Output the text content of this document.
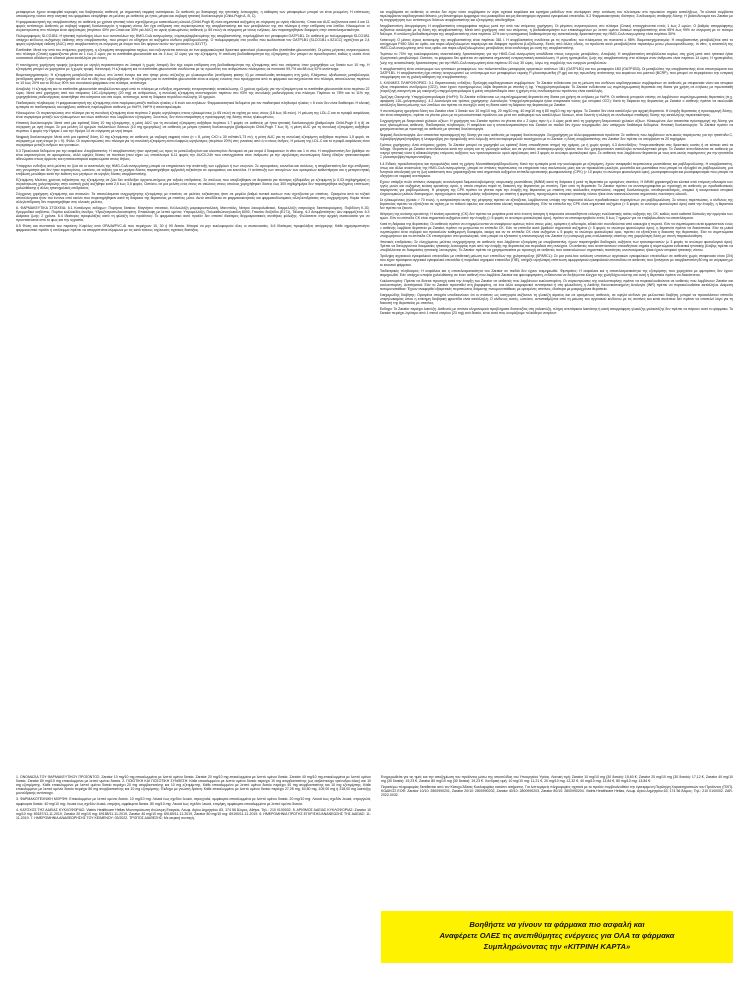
μεταφορέων έχουν αναφερθεί κορυφές και διαβητικούς ασθενείς με σημαντική νεφρική ανεπάρκεια. Σε ασθενείς με διαταραχή της ηπατικής λειτουργίας, η κάθαρση των μεταφορέων μπορεί να είναι μειωμένη. Η επίπτωση υποκείμενης νόσου στην κινητική του φαρμάκου εκτιμήθηκε σε μελέτες με ασθενείς με ήπια, μέτρια και σοβαρή ηπατική δυσλειτουργία (Child-Pugh A, B, C).

Η φαρμακοκινητική της ατορβαστατίνης σε ασθενείς με χρόνια ηπατική νόσο σχετιζόμενη με κατανάλωση αλκοόλ (Child-Pugh B) είναι σημαντικά αυξημένη σε σύγκριση με υγιείς εθελοντές. Cmax και AUC αυξάνονται κατά 4 και 11 φορές αντίστοιχα. Ασθενείς με σοβαρή νεφρική δυσλειτουργία: η νεφρική νόσος δεν έχει επίδραση στις συγκεντρώσεις της ατορβαστατίνης και των μεταβολιτών της στο πλάσμα ή στην επίδραση στα λιπίδια. Ηλικιωμένοι: οι συγκεντρώσεις στο πλάσμα είναι υψηλότερες (περίπου 40% για Cmax και 30% για AUC) σε υγιείς ηλικιωμένους ασθενείς (≥ 65 ετών) σε σύγκριση με νέους ενήλικες. Δεν παρατηρήθηκαν διαφορές στην αποτελεσματικότητα.

Πολυμορφισμός SLCO1B1: Η ηπατική πρόσληψη όλων των αναστολέων της HMG-CoA αναγωγάσης, συμπεριλαμβανομένης της ατορβαστατίνης, περιλαμβάνει τον μεταφορέα OATP1B1. Σε ασθενείς με πολυμορφισμό SLCO1B1 υπάρχει κίνδυνος αυξημένης έκθεσης στην ατορβαστατίνη, που μπορεί να οδηγήσει σε αυξημένο κίνδυνο ραβδομυόλυσης. Ο πολυμορφισμός στο γονίδιο που κωδικοποιεί τον OATP1B1 (SLCO1B1 c.521CC) σχετίζεται με 2,4 φορές υψηλότερη έκθεση (AUC) στην ατορβαστατίνη σε σύγκριση με άτομα που δεν φέρουν αυτόν τον γονότυπο (c.521TT).

Ezetimibe: Μετά την από του στόματος χορήγηση, η εζετιμίμπη απορροφάται ταχέως και συζευγνύεται εκτενώς σε ένα φαρμακολογικά δραστικό φαινολικό γλυκουρονίδιο (ezetimibe-glucuronide). Οι μέσες μέγιστες συγκεντρώσεις στο πλάσμα (Cmax) εμφανίζονται μέσα σε 1 έως 2 ώρες για το ezetimibe-glucuronide και σε 4 έως 12 ώρες για την εζετιμίμπη. Η απόλυτη βιοδιαθεσιμότητα της εζετιμίμπης δεν μπορεί να προσδιοριστεί, καθώς η ουσία είναι ουσιαστικά αδιάλυτη σε υδατικά μέσα κατάλληλα για ένεση.

Η ταυτόχρονη χορήγηση τροφής (γεύματα με υψηλή περιεκτικότητα σε λιπαρά ή χωρίς λιπαρά) δεν είχε καμία επίδραση στη βιοδιαθεσιμότητα της εζετιμίμπης από του στόματος όταν χορηγήθηκε ως δισκία των 10 mg. Η εζετιμίμπη μπορεί να χορηγείται με ή χωρίς τροφή. Κατανομή: Η εζετιμίμπη και το ezetimibe-glucuronide συνδέονται με τις πρωτεΐνες του ανθρώπινου πλάσματος σε ποσοστό 99,7% και 88 έως 92% αντίστοιχα.

Βιομετασχηματισμός: Η εζετιμίμπη μεταβολίζεται κυρίως στο λεπτό έντερο και στο ήπαρ μέσω σύζευξης με γλυκουρονίδιο (αντίδραση φάσης ΙΙ) με επακόλουθη απέκκριση στη χολή. Ελάχιστος οξειδωτικός μεταβολισμός (αντίδραση φάσης Ι) έχει παρατηρηθεί σε όλα τα είδη που αξιολογήθηκαν. Η εζετιμίμπη και το ezetimibe-glucuronide είναι οι κύριες ενώσεις που προέρχονται από το φάρμακο και ανιχνεύονται στο πλάσμα, αποτελώντας περίπου το 10 έως 20% και το 80 έως 90% του συνολικού φαρμάκου στο πλάσμα, αντίστοιχα.

Αποβολή: Η εζετιμίμπη και το ezetimibe-glucuronide αποβάλλονται αργά από το πλάσμα με ενδείξεις σημαντικής εντεροηπατικής ανακύκλωσης. Ο χρόνος ημιζωής για την εζετιμίμπη και το ezetimibe-glucuronide είναι περίπου 22 ώρες. Μετά από χορήγηση από του στόματος 14C-εζετιμίμπης (20 mg) σε ανθρώπους, η συνολική εζετιμίμπη αντιστοιχούσε περίπου στο 93% της συνολικής ραδιενέργειας στο πλάσμα. Περίπου το 78% και το 11% της χορηγηθείσας ραδιενέργειας ανακτήθηκε στα κόπρανα και στα ούρα, αντίστοιχα, κατά τη διάρκεια περιόδου συλλογής 10 ημερών.

Παιδιατρικός πληθυσμός: Η φαρμακοκινητική της εζετιμίμπης είναι παρόμοια μεταξύ παιδιών ηλικίας ≥ 6 ετών και ενηλίκων. Φαρμακοκινητικά δεδομένα για τον παιδιατρικό πληθυσμό ηλικίας < 6 ετών δεν είναι διαθέσιμα. Η κλινική εμπειρία σε παιδιατρικούς και εφήβους ασθενείς περιλαμβάνει ασθενείς με HoFH, HeFH ή σιτοστερολαιμία.

Ηλικιωμένοι: Οι συγκεντρώσεις στο πλάσμα για τη συνολική εζετιμίμπη είναι περίπου 2 φορές υψηλότερες στους ηλικιωμένους (≥ 65 ετών) σε σχέση με τους νέους (18 έως 45 ετών). Η μείωση της LDL-C και το προφίλ ασφάλειας είναι συγκρίσιμα μεταξύ των ηλικιωμένων και νέων ασθενών που λαμβάνουν εζετιμίμπη. Συνεπώς, δεν είναι απαραίτητη η προσαρμογή της δόσης στους ηλικιωμένους.

Ηπατική δυσλειτουργία: Μετά από μια εφάπαξ δόση 10 mg εζετιμίμπης, η μέση AUC για τη συνολική εζετιμίμπη αυξήθηκε περίπου 1,7 φορές σε ασθενείς με ήπια ηπατική δυσλειτουργία (βαθμολογία Child-Pugh 5 ή 6) σε σύγκριση με υγιή άτομα. Σε μια μελέτη 14 ημερών πολλαπλών δόσεων (10 mg ημερησίως) σε ασθενείς με μέτρια ηπατική δυσλειτουργία (βαθμολογία Child-Pugh 7 έως 9), η μέση AUC για τη συνολική εζετιμίμπη αυξήθηκε περίπου 4 φορές την Ημέρα 1 και την Ημέρα 14 σε σύγκριση με υγιή άτομα.

Νεφρική δυσλειτουργία: Μετά από μια εφάπαξ δόση 10 mg εζετιμίμπης σε ασθενείς με σοβαρή νεφρική νόσο (n = 8, μέση CrCl ≤ 30 ml/min/1,73 m²), η μέση AUC για τη συνολική εζετιμίμπη αυξήθηκε περίπου 1,5 φορά, σε σύγκριση με υγιή άτομα (n = 9). Φύλο: Οι συγκεντρώσεις στο πλάσμα για τη συνολική εζετιμίμπη είναι ελαφρώς υψηλότερες (περίπου 20%) στις γυναίκες από ό,τι στους άνδρες. Η μείωση της LDL-C και το προφίλ ασφάλειας είναι συγκρίσιμα μεταξύ ανδρών και γυναικών.

5.3 Προκλινικά δεδομένα για την ασφάλεια: Ατορβαστατίνη: Η ατορβαστατίνη ήταν αρνητική ως προς το μεταλλαξιογόνο και κλαστογόνο δυναμικό σε μια σειρά 4 δοκιμασιών in vitro και 1 in vivo. Η ατορβαστατίνη δεν βρέθηκε να είναι καρκινογόνος σε αρουραίους, αλλά υψηλές δόσεις σε ποντίκια (που είχαν ως αποτέλεσμα 6-11 φορές την AUC0-24h που επιτυγχάνεται στον άνθρωπο με την υψηλότερη συνιστώμενη δόση) έδειξαν ηπατοκυτταρικά αδενώματα στους άρρενες και ηπατοκυτταρικά καρκινώματα στους θήλεις.

Υπάρχουν ενδείξεις από μελέτες σε ζώα ότι οι αναστολείς της HMG-CoA αναγωγάσης μπορεί να επηρεάσουν την ανάπτυξη των εμβρύων ή των νεογνών. Σε αρουραίους, κουνέλια και σκύλους, η ατορβαστατίνη δεν είχε επίδραση στη γονιμότητα και δεν ήταν τερατογόνος, ωστόσο, σε τοξικές για τη μητέρα δόσεις παρατηρήθηκε εμβρυϊκή τοξικότητα σε αρουραίους και κουνέλια. Η ανάπτυξη των απογόνων των αρουραίων καθυστέρησε και η μεταγεννητική επιβίωση μειώθηκε κατά την έκθεση των μητέρων σε υψηλές δόσεις ατορβαστατίνης.

Εζετιμίμπη: Μελέτες χρόνιας τοξικότητας της εζετιμίμπης σε ζώα δεν ανέδειξαν όργανα-στόχους για τοξικές επιδράσεις. Σε σκύλους που υποβλήθηκαν σε θεραπεία για τέσσερις εβδομάδες με εζετιμίμπη (≥ 0,03 mg/kg/ημέρα) η συγκέντρωση χοληστερόλης στην κυστική χολή αυξήθηκε κατά 2,5 έως 3,5 φορές. Ωστόσο, σε μια μελέτη ενός έτους σε σκύλους στους οποίους χορηγήθηκαν δόσεις έως 300 mg/kg/ημέρα δεν παρατηρήθηκε αυξημένη επίπτωση χολολιθίασης ή άλλες ηπατοχολικές επιδράσεις.

Σύγχρονη χορήγηση εζετιμίμπης και στατινών: Τα αποτελέσματα συγχορήγησης εζετιμίμπης με στατίνες σε μελέτες τοξικότητας ήταν σε μεγάλο βαθμό τυπικά εκείνων που σχετίζονται με στατίνες. Ορισμένα από τα τοξικά αποτελέσματα ήταν πιο έντονα από εκείνα που παρατηρήθηκαν κατά τη διάρκεια της θεραπείας με στατίνες μόνο. Αυτό αποδίδεται σε φαρμακοκινητικές και φαρμακοδυναμικές αλληλεπιδράσεις στη συγχορήγηση. Καμία τέτοια αλληλεπίδραση δεν παρατηρήθηκε στις κλινικές μελέτες.

6. ΦΑΡΜΑΚΕΥΤΙΚΑ ΣΤΟΙΧΕΙΑ: 6.1 Κατάλογος εκδόχων: Πυρήνας δισκίου: Μαγνήσιο στεατικό, Κελλουλόζη μικροκρυσταλλική, Μαννιτόλη, Νάτριο λαουρυλοθειικό, Καρμελλόζη νατριούχος διασταυρούμενη, Ποβιδόνη Κ-30, Κρεμμυδικό ασβέστιο, Πυρίτιο κολλοειδές άνυδρο, Υδροξυπροπυλοκυτταρίνη. Επικάλυψη με λεπτό υμένιο: Υπρομελλόζη, Πολυαιθυλενογλυκόλη 8000, Τιτανίου διοξείδιο (E171), Τάλκης. 6.2 Ασυμβατότητες: Δεν εφαρμόζεται. 6.3 Διάρκεια ζωής: 2 χρόνια. 6.4 Ιδιαίτερες προφυλάξεις κατά τη φύλαξη του προϊόντος: Το φαρμακευτικό αυτό προϊόν δεν απαιτεί ιδιαίτερες θερμοκρασιακές συνθήκες φύλαξης. Φυλάσσετε στην αρχική συσκευασία για να προστατεύεται από το φως και την υγρασία.

6.5 Φύση και συστατικά του περιέκτη: Κυψέλες από OPA/Al/PVC-Al που περιέχουν 10, 30 ή 90 δισκία. Μπορεί να μην κυκλοφορούν όλες οι συσκευασίες. 6.6 Ιδιαίτερες προφυλάξεις απόρριψης: Κάθε αχρησιμοποίητο φαρμακευτικό προϊόν ή υπόλειμμα πρέπει να απορρίπτεται σύμφωνα με τις κατά τόπους ισχύουσες σχετικές διατάξεις.

και συμβάματα σε ασθενείς οι οποίοι δεν είχαν νόσο συμβάματα εν όψει σχετικά κεφάλαια και κριτήρια μεθόδων που συνέφεραν στην ανάλυση του πλεύσιμου στο πρωτεύον σημείο καταλήξεως. Τα κλινικά συμβάντα περιλάμβαναν καρδιαγγειακό θάνατο, μη θανατηφόρο έμφραγμα του μυοκαρδίου και μη θανατηφόρο αγγειακό εγκεφαλικό επεισόδιο. 5.2 Φαρμακοκινητικές ιδιότητες: Συνδυασμός σταθερής δόσης: Η βιοϊσοδυναμία του Zarator με τη συγχορήγηση των αντίστοιχων δόσεων ατορβαστατίνης και εζετιμίμπης αποδείχθηκε.

Ατορβαστατίνη: Απορρόφηση: Η ατορβαστατίνη απορροφάται ταχέως μετά την από του στόματος χορήγηση. Οι μέγιστες συγκεντρώσεις στο πλάσμα (Cmax) επιτυγχάνονται εντός 1 έως 2 ωρών. Ο βαθμός απορρόφησης αυξάνεται αναλογικά με τη δόση της ατορβαστατίνης. Μετά από χορήγηση από του στόματος, η βιοδιαθεσιμότητα των επικαλυμμένων με λεπτό υμένιο δισκίων ατορβαστατίνης είναι 95% έως 99% σε σύγκριση με το πόσιμο διάλυμα. Η απόλυτη βιοδιαθεσιμότητα της ατορβαστατίνης είναι περίπου 12% και η συστηματική διαθεσιμότητα της ανασταλτικής δραστικότητας της HMG-CoA αναγωγάσης είναι περίπου 30%.

Κατανομή: Ο μέσος όγκος κατανομής της ατορβαστατίνης είναι περίπου 381 l. Η ατορβαστατίνη συνδέεται με τις πρωτεΐνες του πλάσματος σε ποσοστό ≥ 98%. Βιομετασχηματισμός: Η ατορβαστατίνη μεταβολίζεται από το κυτόχρωμα P450 3A4 σε ορθο- και παρα-υδροξυλιωμένα παράγωγα και διάφορα προϊόντα β-οξείδωσης. Εκτός από άλλες οδούς, τα προϊόντα αυτά μεταβολίζονται περαιτέρω μέσω γλυκουρονιδίωσης. In vitro, η αναστολή της HMG-CoA αναγωγάσης από τους ορθο- και παρα-υδροξυλιωμένους μεταβολίτες είναι ισοδύναμη με αυτή της ατορβαστατίνης.

Περίπου το 70% της κυκλοφορούσας ανασταλτικής δραστικότητας για την HMG-CoA αναγωγάση αποδίδεται στους ενεργούς μεταβολίτες. Αποβολή: Η ατορβαστατίνη αποβάλλεται κυρίως στη χολή μετά από ηπατικό ή/και εξωηπατικό μεταβολισμό. Ωστόσο, το φάρμακο δεν φαίνεται να υφίσταται σημαντική εντεροηπατική ανακύκλωση. Η μέση ημιπερίοδος ζωής της ατορβαστατίνης στο πλάσμα στον άνθρωπο είναι περίπου 14 ώρες. Η ημιπερίοδος ζωής της ανασταλτικής δραστικότητας για την HMG-CoA αναγωγάση είναι περίπου 20 έως 30 ώρες, λόγω της συμβολής των ενεργών μεταβολιτών.

Η ατορβαστατίνη είναι υπόστρωμα των ηπατικών μεταφορέων, του πολυπεπτιδίου μεταφοράς οργανικών ανιόντων 1B1 (OATP1B1) και του μεταφορέα 1B3 (OATP1B3). Οι μεταβολίτες της ατορβαστατίνης είναι υποστρώματα του OATP1B1. Η ατορβαστατίνη έχει επίσης αναγνωριστεί ως υπόστρωμα των μεταφορέων εκροής P-γλυκοπρωτεΐνη (P-gp) και της πρωτεΐνης αντίστασης του καρκίνου του μαστού (BCRP), που μπορεί να περιορίσουν την εντερική απορρόφηση και τη χολική κάθαρση της ατορβαστατίνης.

3. ΚΛΙΝΙΚΕΣ ΠΛΗΡΟΦΟΡΙΕΣ: 3.1 Θεραπευτικές ενδείξεις: Πρόληψη καρδιαγγειακών συμβαμάτων: Το Zarator ενδείκνυται για τη μείωση του κινδύνου καρδιαγγειακών συμβαμάτων σε ασθενείς με στεφανιαία νόσο και ιστορικό οξέος στεφανιαίου συνδρόμου (ΟΣΣ), όταν έχουν προηγουμένως λάβει θεραπεία με στατίνη ή όχι. Υπερχοληστερολαιμία: Το Zarator ενδείκνυται ως συμπληρωματική θεραπεία στη δίαιτα για χρήση σε ενήλικες με πρωτοπαθή (ετερόζυγη οικογενή και μη οικογενή) υπερχοληστερολαιμία ή μικτή υπερλιπιδαιμία όταν η χρήση ενός συνδυασμένου προϊόντος είναι κατάλληλη.

Ομόζυγη Οικογενής Υπερχοληστερολαιμία (HoFH): Το Zarator ενδείκνυται ως συμπληρωματική θεραπεία στη δίαιτα για χρήση σε ενήλικες με HoFH. Οι ασθενείς μπορούν επίσης να λαμβάνουν συμπληρωματικές θεραπείες (π.χ. αφαίρεση LDL-χοληστερόλης). 4.2 Δοσολογία και τρόπος χορήγησης: Δοσολογία: Υπερχοληστερολαιμία ή/και στεφανιαία νόσος (με ιστορικό ΟΣΣ): Κατά τη διάρκεια της θεραπείας με Zarator ο ασθενής πρέπει να ακολουθεί κατάλληλη δίαιτα μείωσης των λιπιδίων και πρέπει να συνεχίζει αυτή τη δίαιτα κατά τη διάρκεια της θεραπείας με Zarator.

Η συνιστώμενη ημερήσια δόση του Zarator είναι 1 δισκίο των 10 mg/10 mg, 20 mg/10 mg, 40 mg/10 mg ή 80 mg/10 mg την ημέρα. Το Zarator δεν είναι κατάλληλο για αρχική θεραπεία. Η έναρξη θεραπείας ή προσαρμογή δόσης, εάν είναι απαραίτητο, πρέπει να γίνεται μόνο με τα μονοσυστατικά προϊόντα, και μετά τον καθορισμό των κατάλληλων δόσεων, είναι δυνατή η αλλαγή σε συνδυασμό σταθερής δόσης της κατάλληλης περιεκτικότητας.

Συγχορήγηση με δεσμευτικά χολικών οξέων: Η χορήγηση του Zarator πρέπει να γίνεται είτε ≥ 2 ώρες πριν ή ≥ 4 ώρες μετά από τη χορήγηση δεσμευτικού χολικών οξέων. Ηλικιωμένοι: Δεν απαιτείται προσαρμογή της δόσης για τους ηλικιωμένους ασθενείς. Παιδιατρικός πληθυσμός: Η ασφάλεια και η αποτελεσματικότητα του Zarator σε παιδιά δεν έχουν τεκμηριωθεί. Δεν υπάρχουν διαθέσιμα δεδομένα. Ηπατική δυσλειτουργία: Το Zarator πρέπει να χρησιμοποιείται με προσοχή σε ασθενείς με ηπατική δυσλειτουργία.

Νεφρική δυσλειτουργία: Δεν απαιτείται προσαρμογή της δόσης για τους ασθενείς με νεφρική δυσλειτουργία. Συγχορήγηση με άλλα φαρμακευτικά προϊόντα: Σε ασθενείς που λαμβάνουν αντι-ιικούς παράγοντες για την ηπατίτιδα C, ελβασβίρη/γκραζοπρεβίρη ή λετερμοβίρη για προφύλαξη από λοίμωξη από κυτταρομεγαλοϊό ταυτόχρονα με το Zarator, η δόση ατορβαστατίνης στο Zarator δεν πρέπει να υπερβαίνει τα 20 mg/ημέρα.

Τρόπος χορήγησης: Από στόματος χρήση. Το Zarator μπορεί να χορηγηθεί ως εφάπαξ δόση οποιαδήποτε στιγμή της ημέρας, με ή χωρίς τροφή. 4.3 Αντενδείξεις: Υπερευαισθησία στις δραστικές ουσίες ή σε κάποιο από τα έκδοχα. Θεραπεία με Zarator αντενδείκνυται κατά την κύηση και τη γαλουχία καθώς και σε γυναίκες αναπαραγωγικής ηλικίας που δεν χρησιμοποιούν κατάλληλα αντισυλληπτικά μέτρα. Το Zarator αντενδείκνυται σε ασθενείς με ενεργό ηπατική νόσο ή αδικαιολόγητες επίμονες αυξήσεις των τρανσαμινασών ορού υψηλότερες από 3 φορές το ανώτερο φυσιολογικό όριο. Σε ασθενείς που λαμβάνουν θεραπεία με τους αντι-ιικούς παράγοντες για την ηπατίτιδα C γλεκαπρεβίρη/πιμπρεντασβίρη.

4.4 Ειδικές προειδοποιήσεις και προφυλάξεις κατά τη χρήση: Μυοπάθεια/ραβδομυόλυση: Κατά την εμπειρία μετά την κυκλοφορία με εζετιμίμπη, έχουν αναφερθεί περιπτώσεις μυοπάθειας και ραβδομυόλυσης. Η ατορβαστατίνη, όπως και άλλοι αναστολείς της HMG-CoA αναγωγάσης, μπορεί σε σπάνιες περιπτώσεις να επηρεάσει τους σκελετικούς μύες και να προκαλέσει μυαλγία, μυοσίτιδα και μυοπάθεια που μπορεί να εξελιχθεί σε ραβδομυόλυση, μια δυνητικά απειλητική για τη ζωή κατάσταση που χαρακτηρίζεται από σημαντικά αυξημένα επίπεδα κρεατινικής φωσφοκινάσης (CPK) (> 10 φορές το ανώτερο φυσιολογικό όριο), μυοσφαιρινουρία και μυοσφαιριναιμία που μπορεί να οδηγήσει σε νεφρική ανεπάρκεια.

Έχουν υπάρξει πολύ σπάνιες αναφορές ανοσολογικά διαμεσολαβούμενης νεκρωτικής μυοπάθειας (IMNM) κατά τη διάρκεια ή μετά τη θεραπεία με ορισμένες στατίνες. Η IMNM χαρακτηρίζεται κλινικά από επίμονη αδυναμία των εγγύς μυών και αυξημένη κινάση κρεατίνης ορού, η οποία επιμένει παρά τη διακοπή της θεραπείας με στατίνη. Πριν από τη θεραπεία: Το Zarator πρέπει να συνταγογραφείται με προσοχή σε ασθενείς με προδιαθεσικούς παράγοντες για ραβδομυόλυση. Η μέτρηση της CPK πρέπει να γίνεται πριν την έναρξη της θεραπείας με στατίνη στις ακόλουθες περιπτώσεις: νεφρική δυσλειτουργία, υποθυρεοειδισμός, ατομικό ή οικογενειακό ιστορικό κληρονομικών μυϊκών διαταραχών, προηγούμενο ιστορικό μυϊκής τοξικότητας με στατίνη ή φιμπράτη, προηγούμενο ιστορικό ηπατικής νόσου ή/και όταν καταναλώνονται σημαντικές ποσότητες αλκοόλ.

Σε ηλικιωμένους (ηλικία > 70 ετών), η αναγκαιότητα αυτής της μέτρησης πρέπει να εξετάζεται, λαμβάνοντας υπόψη την παρουσία άλλων προδιαθεσικών παραγόντων για ραβδομυόλυση. Σε τέτοιες περιπτώσεις, ο κίνδυνος της θεραπείας πρέπει να εξετάζεται σε σχέση με το πιθανό όφελος και συνιστάται κλινική παρακολούθηση. Εάν τα επίπεδα της CPK είναι σημαντικά αυξημένα (> 5 φορές το ανώτερο φυσιολογικό όριο) κατά την έναρξη, η θεραπεία δεν πρέπει να ξεκινά.

Μέτρηση της κινάσης κρεατίνης: Η κινάση κρεατίνης (CK) δεν πρέπει να μετράται μετά από έντονη άσκηση ή παρουσία οποιασδήποτε εύλογης εναλλακτικής αιτίας αύξησης της CK, καθώς αυτό καθιστά δύσκολη την ερμηνεία των τιμών. Εάν τα επίπεδα CK είναι σημαντικά αυξημένα κατά την έναρξη (> 5 φορές το ανώτερο φυσιολογικό όριο), πρέπει να επαναμετρηθούν εντός 5 έως 7 ημερών για να επιβεβαιωθούν τα αποτελέσματα.

Κατά τη διάρκεια της θεραπείας: Οι ασθενείς πρέπει να ενημερώνονται να αναφέρουν αμέσως πόνο στους μύες, κράμπες ή αδυναμία, ειδικά εάν συνοδεύονται από κακουχία ή πυρετό. Εάν τα συμπτώματα αυτά εμφανιστούν ενώς ο ασθενής λαμβάνει θεραπεία με Zarator, πρέπει να μετρώνται τα επίπεδα CK. Εάν τα επίπεδα αυτά βρεθούν σημαντικά αυξημένα (> 5 φορές το ανώτερο φυσιολογικό όριο), η θεραπεία πρέπει να διακόπτεται. Εάν τα μυϊκά συμπτώματα είναι σοβαρά και προκαλούν καθημερινή δυσφορία, ακόμη και αν τα επίπεδα CK είναι αυξημένα ≤ 5 φορές το ανώτερο φυσιολογικό όριο, πρέπει να εξετάζεται η διακοπή της θεραπείας. Εάν τα συμπτώματα υποχωρήσουν και τα επίπεδα CK επιστρέψουν στα φυσιολογικά, τότε μπορεί να εξεταστεί η επανεισαγωγή του Zarator ή η εισαγωγή μιας εναλλακτικής στατίνης στη χαμηλότερη δόση με στενή παρακολούθηση.

Ηπατικές επιδράσεις: Σε ελεγχόμενες μελέτες συγχορήγησης σε ασθενείς που λάμβαναν εζετιμίμπη με ατορβαστατίνη, έχουν παρατηρηθεί διαδοχικές αυξήσεις των τρανσαμινασών (≥ 3 φορές το ανώτερο φυσιολογικό όριο). Πρέπει να διενεργούνται δοκιμασίες ηπατικής λειτουργίας πριν από την έναρξη της θεραπείας και περιοδικά στη συνέχεια. Οι ασθενείς που αναπτύσσουν οποιαδήποτε σημεία ή συμπτώματα ενδεικτικά ηπατικής βλάβης πρέπει να υποβάλλονται σε δοκιμασίες ηπατικής λειτουργίας. Το Zarator πρέπει να χρησιμοποιείται με προσοχή σε ασθενείς που καταναλώνουν σημαντικές ποσότητες οινοπνεύματος ή/και έχουν ιστορικό ηπατικής νόσου.

Πρόληψη αγγειακού εγκεφαλικού επεισοδίου με επιθετική μείωση των επιπέδων της χοληστερόλης (SPARCL): Σε μια post-hoc ανάλυση υποτύπων αγγειακών εγκεφαλικών επεισοδίων σε ασθενείς χωρίς στεφανιαία νόσο (ΣΝ) που είχαν πρόσφατο αγγειακό εγκεφαλικό επεισόδιο ή παροδικό ισχαιμικό επεισόδιο (ΠΙΕ), υπήρξε υψηλότερη επίπτωση αιμορραγικού εγκεφαλικού επεισοδίου σε ασθενείς που ξεκίνησαν με ατορβαστατίνη 80 mg σε σύγκριση με το εικονικό φάρμακο.

Παιδιατρικός πληθυσμός: Η ασφάλεια και η αποτελεσματικότητα του Zarator σε παιδιά δεν έχουν τεκμηριωθεί. Φιμπράτες: Η ασφάλεια και η αποτελεσματικότητα της εζετιμίμπης που χορηγείται με φιμπράτες δεν έχουν τεκμηριωθεί. Εάν υπάρχει υποψία χολολιθίασης σε έναν ασθενή που λαμβάνει Zarator και φαινοφιμπράτη, ενδείκνυται να διεξάγονται έλεγχοι της χοληδόχου κύστης και αυτή η θεραπεία πρέπει να διακόπτεται.

Κυκλοσπορίνη: Πρέπει να δίνεται προσοχή κατά την έναρξη του Zarator σε ασθενείς που λαμβάνουν κυκλοσπορίνη. Οι συγκεντρώσεις της κυκλοσπορίνης πρέπει να παρακολουθούνται σε ασθενείς που λαμβάνουν Zarator και κυκλοσπορίνη. Αντιπηκτικά: Εάν το Zarator προστεθεί στη βαρφαρίνη, σε ένα άλλο κουμαρινικό αντιπηκτικό ή στη φλουιδιόνη, η Διεθνής Κανονικοποιημένη Αναλογία (INR) πρέπει να παρακολουθείται κατάλληλα. Διάμεση πνευμονοπάθεια: Έχουν αναφερθεί εξαιρετικές περιπτώσεις διάμεσης πνευμονοπάθειας με ορισμένες στατίνες, ιδιαίτερα με μακροχρόνια θεραπεία.

Σακχαρώδης διαβήτης: Ορισμένα στοιχεία υποδεικνύουν ότι οι στατίνες ως κατηγορία αυξάνουν τη γλυκόζη αίματος και σε ορισμένους ασθενείς, σε υψηλό κίνδυνο για μελλοντικό διαβήτη, μπορεί να προκαλέσουν επίπεδο υπεργλυκαιμίας όπου η επίσημη διαβητική φροντίδα είναι κατάλληλη. Ο κίνδυνος αυτός, ωστόσο, αντισταθμίζεται από τη μείωση του αγγειακού κινδύνου με τις στατίνες και κατά συνέπεια δεν πρέπει να αποτελεί λόγο για τη διακοπή της θεραπείας με στατίνες.

Έκδοχα: Το Zarator περιέχει λακτόζη. Ασθενείς με σπάνια κληρονομικά προβλήματα δυσανεξίας στη γαλακτόζη, πλήρη ανεπάρκεια λακτάσης ή κακή απορρόφηση γλυκόζης-γαλακτόζης δεν πρέπει να πάρουν αυτό το φάρμακο. Το Zarator περιέχει λιγότερο από 1 mmol νατρίου (23 mg) ανά δισκίο, είναι αυτό που ονομάζουμε «ελεύθερο νατρίου».

1. ΟΝΟΜΑΣΙΑ ΤΟΥ ΦΑΡΜΑΚΕΥΤΙΚΟΥ ΠΡΟΪΟΝΤΟΣ: Zarator 10 mg/10 mg επικαλυμμένα με λεπτό υμένιο δισκία. Zarator 20 mg/10 mg επικαλυμμένα με λεπτό υμένιο δισκία. Zarator 40 mg/10 mg επικαλυμμένα με λεπτό υμένιο δισκία. Zarator 80 mg/10 mg επικαλυμμένα με λεπτό υμένιο δισκία. 2. ΠΟΙΟΤΙΚΗ ΚΑΙ ΠΟΣΟΤΙΚΗ ΣΥΝΘΕΣΗ: Κάθε επικαλυμμένο με λεπτό υμένιο δισκίο περιέχει 10 mg ατορβαστατίνης (ως ασβεστιούχο τριένυδρο άλας) και 10 mg εζετιμίμπης. Κάθε επικαλυμμένο με λεπτό υμένιο δισκίο περιέχει 20 mg ατορβαστατίνης και 10 mg εζετιμίμπης. Κάθε επικαλυμμένο με λεπτό υμένιο δισκίο περιέχει 40 mg ατορβαστατίνης και 10 mg εζετιμίμπης. Κάθε επικαλυμμένο με λεπτό υμένιο δισκίο περιέχει 80 mg ατορβαστατίνης και 10 mg εζετιμίμπης. Έκδοχο με γνωστή δράση: Κάθε επικαλυμμένο με λεπτό υμένιο δισκίο περιέχει 27,25 mg, 54,50 mg, 109,00 mg ή 218,00 mg λακτόζης μονοϋδρικής αντίστοιχα.

3. ΦΑΡΜΑΚΟΤΕΧΝΙΚΗ ΜΟΡΦΗ: Επικαλυμμένο με λεπτό υμένιο δισκίο. 10 mg/10 mg: Λευκά έως σχεδόν λευκά, στρογγυλά, αμφίκυρτα επικαλυμμένα με λεπτό υμένιο δισκία. 20 mg/10 mg: Λευκά έως σχεδόν λευκά, στρογγυλά, αμφίκυρτα δισκία. 40 mg/10 mg: Λευκά έως σχεδόν λευκά, επιμήκη, αμφίκυρτα δισκία. 80 mg/10 mg: Λευκά έως σχεδόν λευκά, επιμήκη, αμφίκυρτα επικαλυμμένα με λεπτό υμένιο δισκία.

4. ΚΑΤΟΧΟΣ ΤΗΣ ΑΔΕΙΑΣ ΚΥΚΛΟΦΟΡΙΑΣ: Viatris Healthcare Hellas Μονοπρόσωπη Ανώνυμη Εταιρεία, Λεωφ. Αγίου Δημητρίου 63, 174 56 Άλιμος, Αθήνα. Τηλ.: 210 0100002. 5. ΑΡΙΘΜΟΣ ΑΔΕΙΑΣ ΚΥΚΛΟΦΟΡΙΑΣ: Zarator 10 mg/10 mg: 69187/11-11-2019, Zarator 20 mg/10 mg: 69188/11-11-2019, Zarator 40 mg/10 mg: 69189/11-11-2019, Zarator 80 mg/10 mg: 69190/11-11-2019. 6. ΗΜΕΡΟΜΗΝΙΑ ΠΡΩΤΗΣ ΕΓΚΡΙΣΗΣ/ΑΝΑΝΕΩΣΗΣ ΤΗΣ ΑΔΕΙΑΣ: 11-11-2019. 7. ΗΜΕΡΟΜΗΝΙΑ ΑΝΑΘΕΩΡΗΣΗΣ ΤΟΥ ΚΕΙΜΕΝΟΥ: 03/2022. ΤΡΟΠΟΣ ΔΙΑΘΕΣΗΣ: Με ιατρική συνταγή.

Ενημερωθείτε για τις τιμές και την αποζημίωση του προϊόντος μέσω της ιστοσελίδας του Υπουργείου Υγείας. Λιανική τιμή: Zarator 10 mg/10 mg (30 δισκία): 15,60 €, Zarator 20 mg/10 mg (30 δισκία): 17,12 €, Zarator 40 mg/10 mg (30 δισκία): 19,23 €, Zarator 80 mg/10 mg (30 δισκία): 19,23 €. Χονδρική τιμή: 10 mg/10 mg: 11,21 €, 20 mg/10 mg: 12,32 €, 40 mg/10 mg: 13,84 €, 80 mg/10 mg: 13,84 €.

Περαιτέρω πληροφορίες διατίθενται από τον Κάτοχο Άδειας Κυκλοφορίας κατόπιν αιτήματος. Για λεπτομερείς πληροφορίες σχετικά με το προϊόν συμβουλευθείτε την εγκεκριμένη Περίληψη Χαρακτηριστικών του Προϊόντος (ΠΧΠ). ΚΩΔΙΚΟΣ ΕΟΦ: Zarator 10/10: 2800990201, Zarator 20/10: 2800990202, Zarator 40/10: 2800990203, Zarator 80/10: 2800990204. Viatris Healthcare Hellas, Λεωφ. Αγίου Δημητρίου 63, 174 56 Άλιμος. Τηλ.: 210 0100002. ZAR-2022-0032.

Βοηθήστε να γίνουν τα φάρμακα πιο ασφαλή και
Αναφέρετε ΟΛΕΣ τις ανεπιθύμητες ενέργειες για ΟΛΑ τα φάρμακα
Συμπληρώνοντας την «ΚΙΤΡΙΝΗ ΚΑΡΤΑ»
